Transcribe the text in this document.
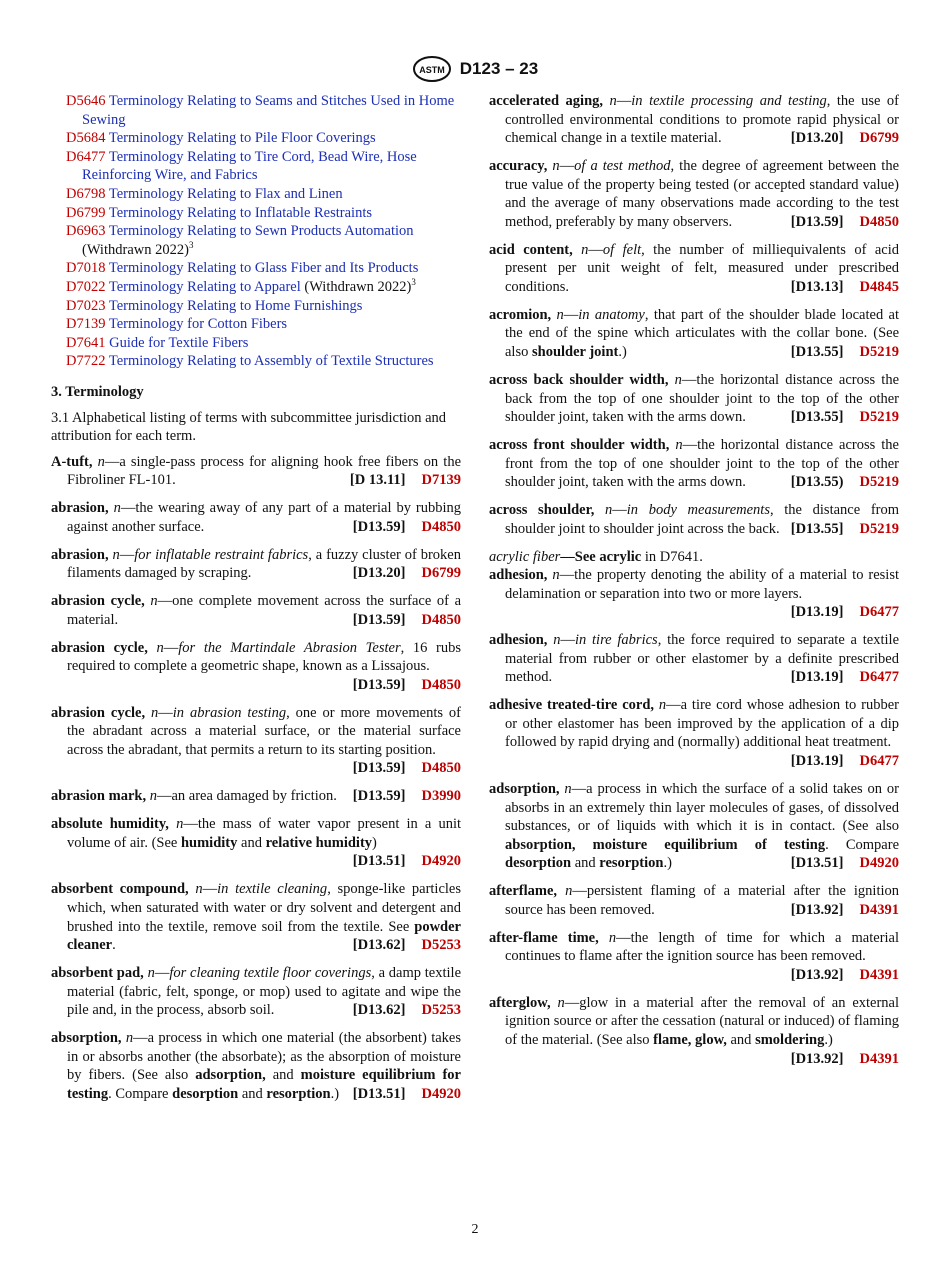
ASTM D123 – 23

D5646 Terminology Relating to Seams and Stitches Used in Home Sewing

D5684 Terminology Relating to Pile Floor Coverings

D6477 Terminology Relating to Tire Cord, Bead Wire, Hose Reinforcing Wire, and Fabrics

D6798 Terminology Relating to Flax and Linen

D6799 Terminology Relating to Inflatable Restraints

D6963 Terminology Relating to Sewn Products Automation (Withdrawn 2022)$^3$

D7018 Terminology Relating to Glass Fiber and Its Products

D7022 Terminology Relating to Apparel (Withdrawn 2022)$^3$

D7023 Terminology Relating to Home Furnishings

D7139 Terminology for Cotton Fibers

D7641 Guide for Textile Fibers

D7722 Terminology Relating to Assembly of Textile Structures

3. Terminology

3.1 Alphabetical listing of terms with subcommittee jurisdiction and attribution for each term.

A-tuft, n—a single-pass process for aligning hook free fibers on the Fibroliner FL-101.	[D 13.11] D7139
abrasion, n—the wearing away of any part of a material by rubbing against another surface.	[D13.59] D4850
abrasion, n—for inflatable restraint fabrics, a fuzzy cluster of broken filaments damaged by scraping.	[D13.20] D6799
abrasion cycle, n—one complete movement across the surface of a material.	[D13.59] D4850
abrasion cycle, n—for the Martindale Abrasion Tester, 16 rubs required to complete a geometric shape, known as a Lissajous.
[D13.59] D4850
abrasion cycle, n—in abrasion testing, one or more movements of the abradant across a material surface, or the material surface across the abradant, that permits a return to its starting position.
[D13.59] D4850
abrasion mark, n—an area damaged by friction. [D13.59] D3990
absolute humidity, n—the mass of water vapor present in a unit volume of air. (See humidity and relative humidity)
[D13.51] D4920
absorbent compound, n—in textile cleaning, sponge-like particles which, when saturated with water or dry solvent and detergent and brushed into the textile, remove soil from the textile. See powder cleaner.	[D13.62] D5253
absorbent pad, n—for cleaning textile floor coverings, a damp textile material (fabric, felt, sponge, or mop) used to agitate and wipe the pile and, in the process, absorb soil.	[D13.62] D5253
absorption, n—a process in which one material (the absorbent) takes in or absorbs another (the absorbate); as the absorption of moisture by fibers. (See also adsorption, and moisture equilibrium for testing. Compare desorption and resorption.) [D13.51] D4920
accelerated aging, n—in textile processing and testing, the use of controlled environmental conditions to promote rapid physical or chemical change in a textile material.	[D13.20] D6799
accuracy, n—of a test method, the degree of agreement between the true value of the property being tested (or accepted standard value) and the average of many observations made according to the test method, preferably by many observers.	[D13.59] D4850
acid content, n—of felt, the number of milliequivalents of acid present per unit weight of felt, measured under prescribed conditions.	[D13.13] D4845
acromion, n—in anatomy, that part of the shoulder blade located at the end of the spine which articulates with the collar bone. (See also shoulder joint.)	[D13.55] D5219
across back shoulder width, n—the horizontal distance across the back from the top of one shoulder joint to the top of the other shoulder joint, taken with the arms down.	[D13.55] D5219
across front shoulder width, n—the horizontal distance across the front from the top of one shoulder joint to the top of the other shoulder joint, taken with the arms down.	[D13.55) D5219
across shoulder, n—in body measurements, the distance from shoulder joint to shoulder joint across the back. [D13.55] D5219
acrylic fiber—See acrylic in D7641.
adhesion, n—the property denoting the ability of a material to resist delamination or separation into two or more layers.
[D13.19] D6477
adhesion, n—in tire fabrics, the force required to separate a textile material from rubber or other elastomer by a definite prescribed method.	[D13.19] D6477
adhesive treated-tire cord, n—a tire cord whose adhesion to rubber or other elastomer has been improved by the application of a dip followed by rapid drying and (normally) additional heat treatment.
[D13.19] D6477
adsorption, n—a process in which the surface of a solid takes on or absorbs in an extremely thin layer molecules of gases, of dissolved substances, or of liquids with which it is in contact. (See also absorption, moisture equilibrium of testing. Compare desorption and resorption.)	[D13.51] D4920
afterflame, n—persistent flaming of a material after the ignition source has been removed.	[D13.92] D4391
after-flame time, n—the length of time for which a material continues to flame after the ignition source has been removed.
[D13.92] D4391
afterglow, n—glow in a material after the removal of an external ignition source or after the cessation (natural or induced) of flaming of the material. (See also flame, glow, and smoldering.)
[D13.92] D4391
2
